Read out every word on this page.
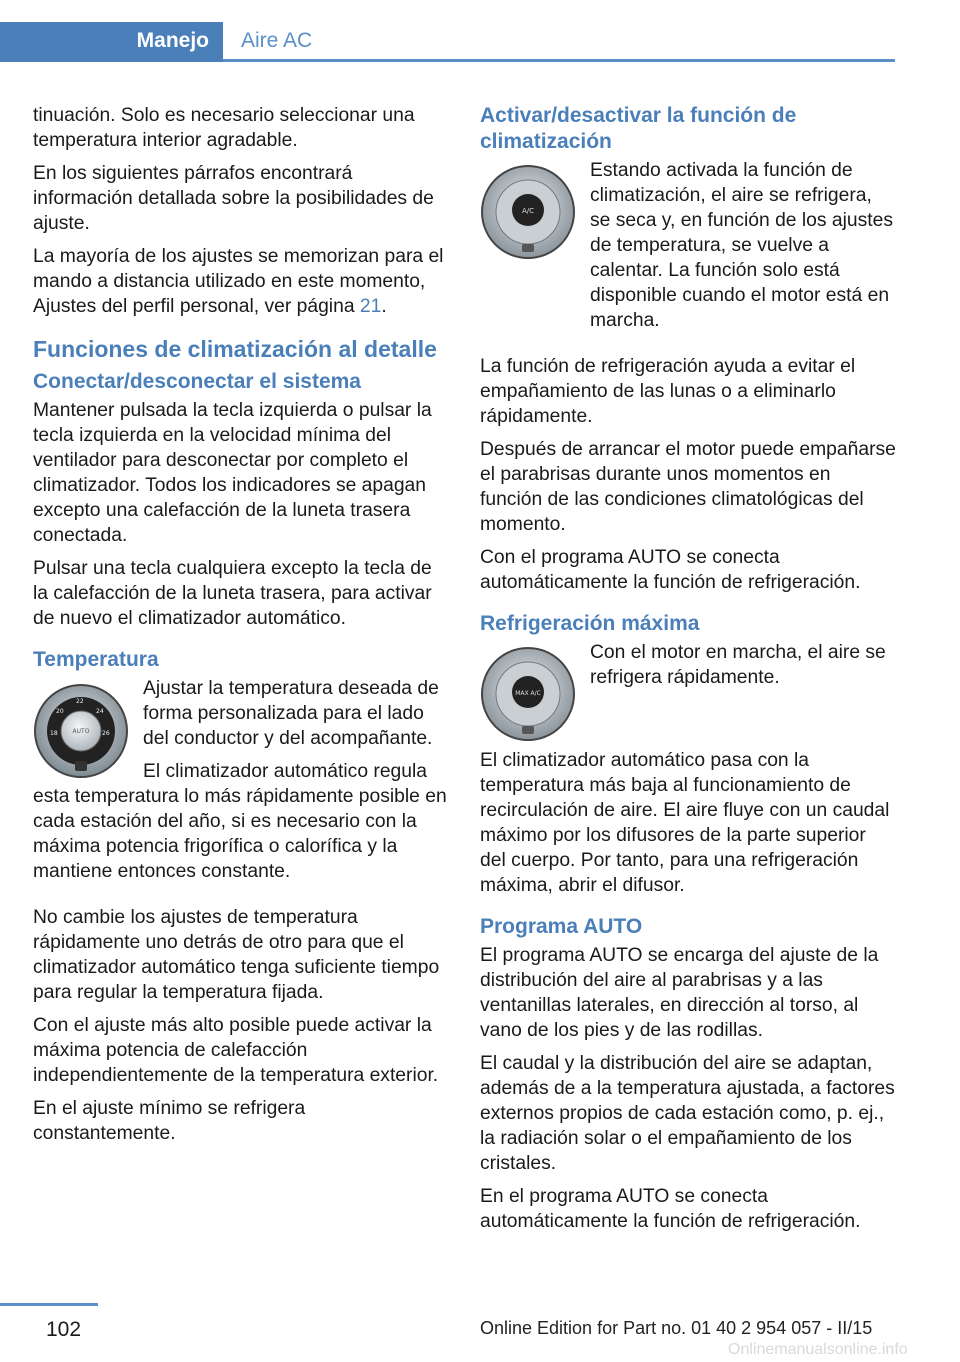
Manejo Aire AC

tinuación. Solo es necesario seleccionar una temperatura interior agradable.

En los siguientes párrafos encontrará información detallada sobre la posibilidades de ajuste.

La mayoría de los ajustes se memorizan para el mando a distancia utilizado en este momento, Ajustes del perfil personal, ver página 21.

Funciones de climatización al detalle
Conectar/desconectar el sistema

Mantener pulsada la tecla izquierda o pulsar la tecla izquierda en la velocidad mínima del ventilador para desconectar por completo el climatizador. Todos los indicadores se apagan excepto una calefacción de la luneta trasera conectada.

Pulsar una tecla cualquiera excepto la tecla de la calefacción de la luneta trasera, para activar de nuevo el climatizador automático.

Temperatura
18
20
22
24
26
AUTO

Ajustar la temperatura deseada de forma personalizada para el lado del conductor y del acompañante.

El climatizador automático regula esta temperatura lo más rápidamente posible en cada estación del año, si es necesario con la máxima potencia frigorífica o calorífica y la mantiene entonces constante.

No cambie los ajustes de temperatura rápidamente uno detrás de otro para que el climatizador automático tenga suficiente tiempo para regular la temperatura fijada.

Con el ajuste más alto posible puede activar la máxima potencia de calefacción independientemente de la temperatura exterior.

En el ajuste mínimo se refrigera constantemente.

Activar/desactivar la función de climatización
A/C

Estando activada la función de climatización, el aire se refrigera, se seca y, en función de los ajustes de temperatura, se vuelve a calentar. La función solo está disponible cuando el motor está en marcha.

La función de refrigeración ayuda a evitar el empañamiento de las lunas o a eliminarlo rápidamente.

Después de arrancar el motor puede empañarse el parabrisas durante unos momentos en función de las condiciones climatológicas del momento.

Con el programa AUTO se conecta automáticamente la función de refrigeración.

Refrigeración máxima
MAX A/C

Con el motor en marcha, el aire se refrigera rápidamente.

El climatizador automático pasa con la temperatura más baja al funcionamiento de recirculación de aire. El aire fluye con un caudal máximo por los difusores de la parte superior del cuerpo. Por tanto, para una refrigeración máxima, abrir el difusor.

Programa AUTO

El programa AUTO se encarga del ajuste de la distribución del aire al parabrisas y a las ventanillas laterales, en dirección al torso, al vano de los pies y de las rodillas.

El caudal y la distribución del aire se adaptan, además de a la temperatura ajustada, a factores externos propios de cada estación como, p. ej., la radiación solar o el empañamiento de los cristales.

En el programa AUTO se conecta automáticamente la función de refrigeración.

102	Online Edition for Part no. 01 40 2 954 057 - II/15
Onlinemanualsonline.info
